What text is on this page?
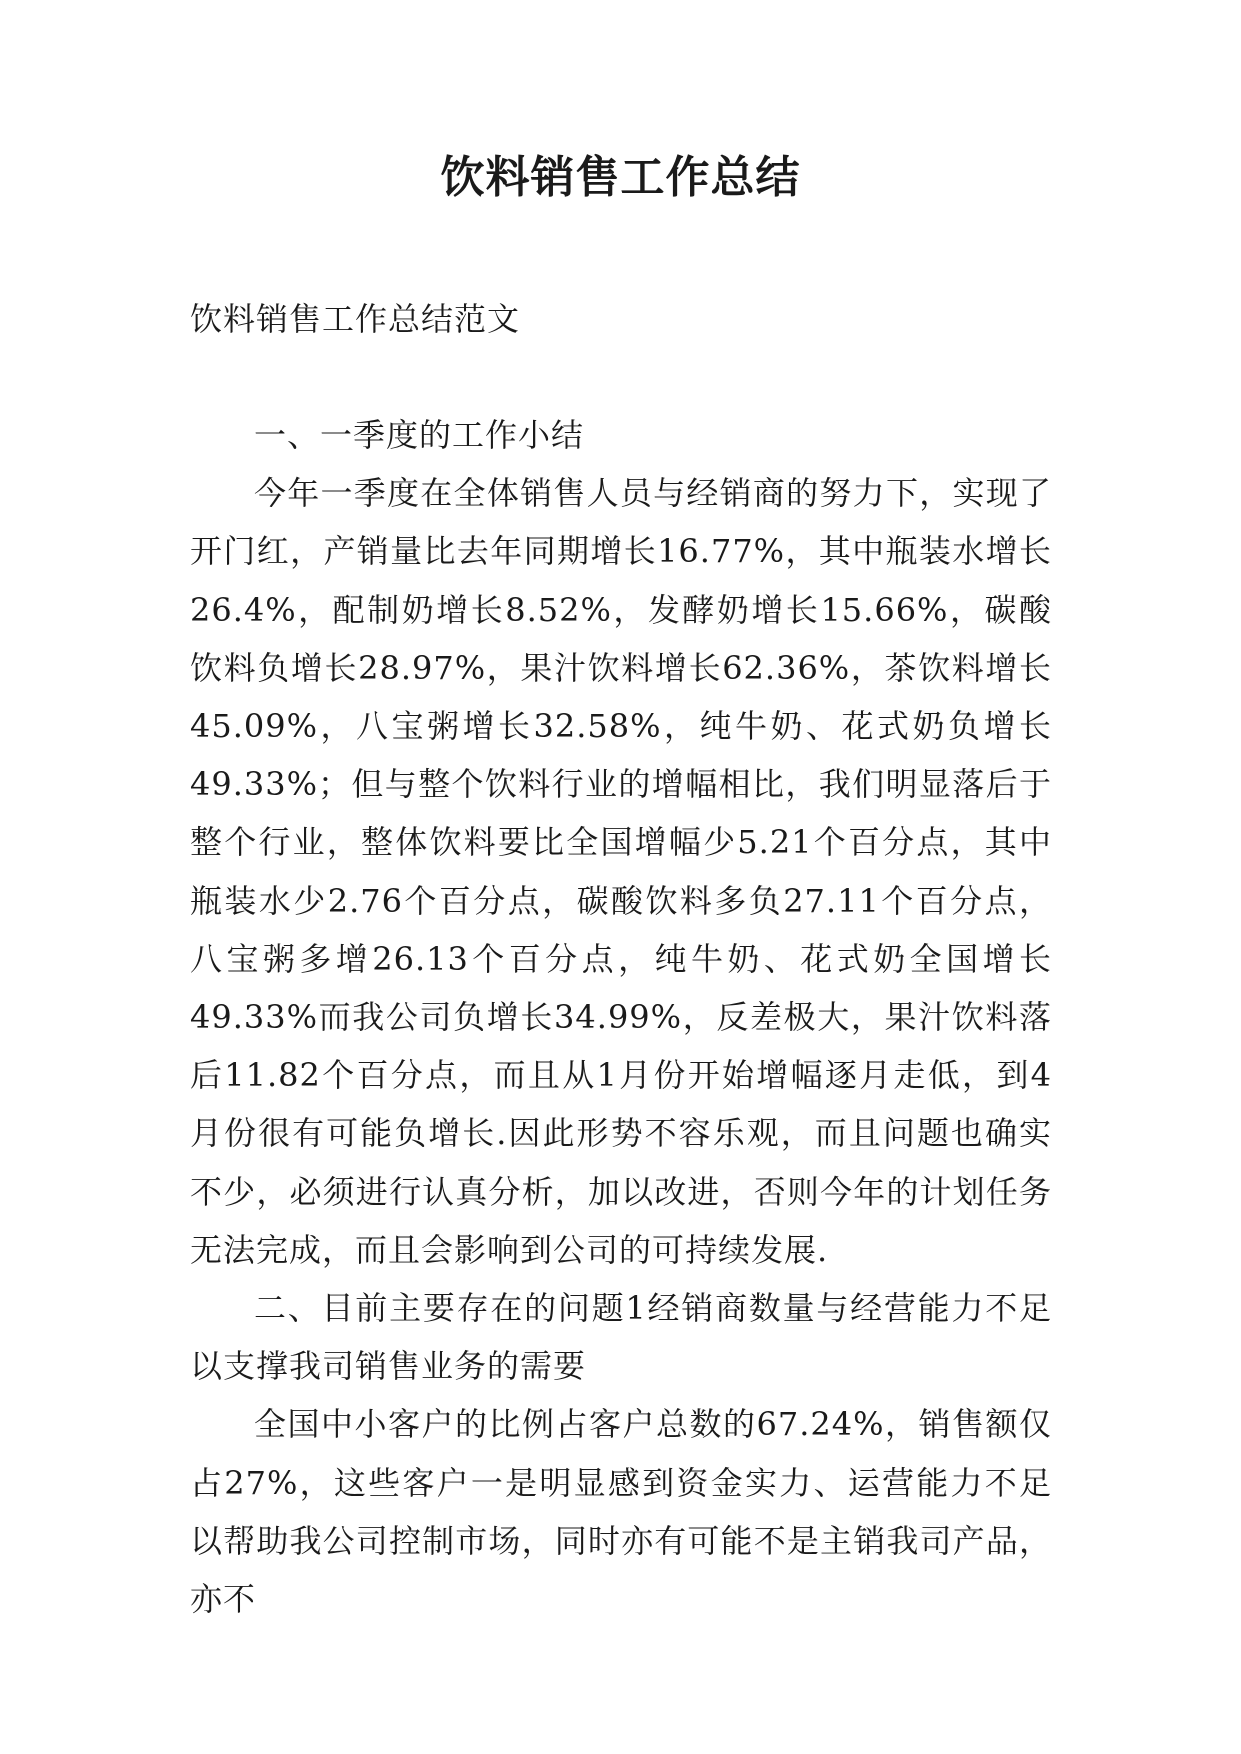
饮料销售工作总结
饮料销售工作总结范文

一、一季度的工作小结

今年一季度在全体销售人员与经销商的努力下，实现了开门红，产销量比去年同期增长16.77%，其中瓶装水增长26.4%，配制奶增长8.52%，发酵奶增长15.66%，碳酸饮料负增长28.97%，果汁饮料增长62.36%，茶饮料增长45.09%，八宝粥增长32.58%，纯牛奶、花式奶负增长49.33%；但与整个饮料行业的增幅相比，我们明显落后于整个行业，整体饮料要比全国增幅少5.21个百分点，其中瓶装水少2.76个百分点，碳酸饮料多负27.11个百分点，八宝粥多增26.13个百分点，纯牛奶、花式奶全国增长49.33%而我公司负增长34.99%，反差极大，果汁饮料落后11.82个百分点，而且从1月份开始增幅逐月走低，到4月份很有可能负增长.因此形势不容乐观，而且问题也确实不少，必须进行认真分析，加以改进，否则今年的计划任务无法完成，而且会影响到公司的可持续发展.

二、目前主要存在的问题1经销商数量与经营能力不足以支撑我司销售业务的需要

全国中小客户的比例占客户总数的67.24%，销售额仅占27%，这些客户一是明显感到资金实力、运营能力不足以帮助我公司控制市场，同时亦有可能不是主销我司产品，亦不
